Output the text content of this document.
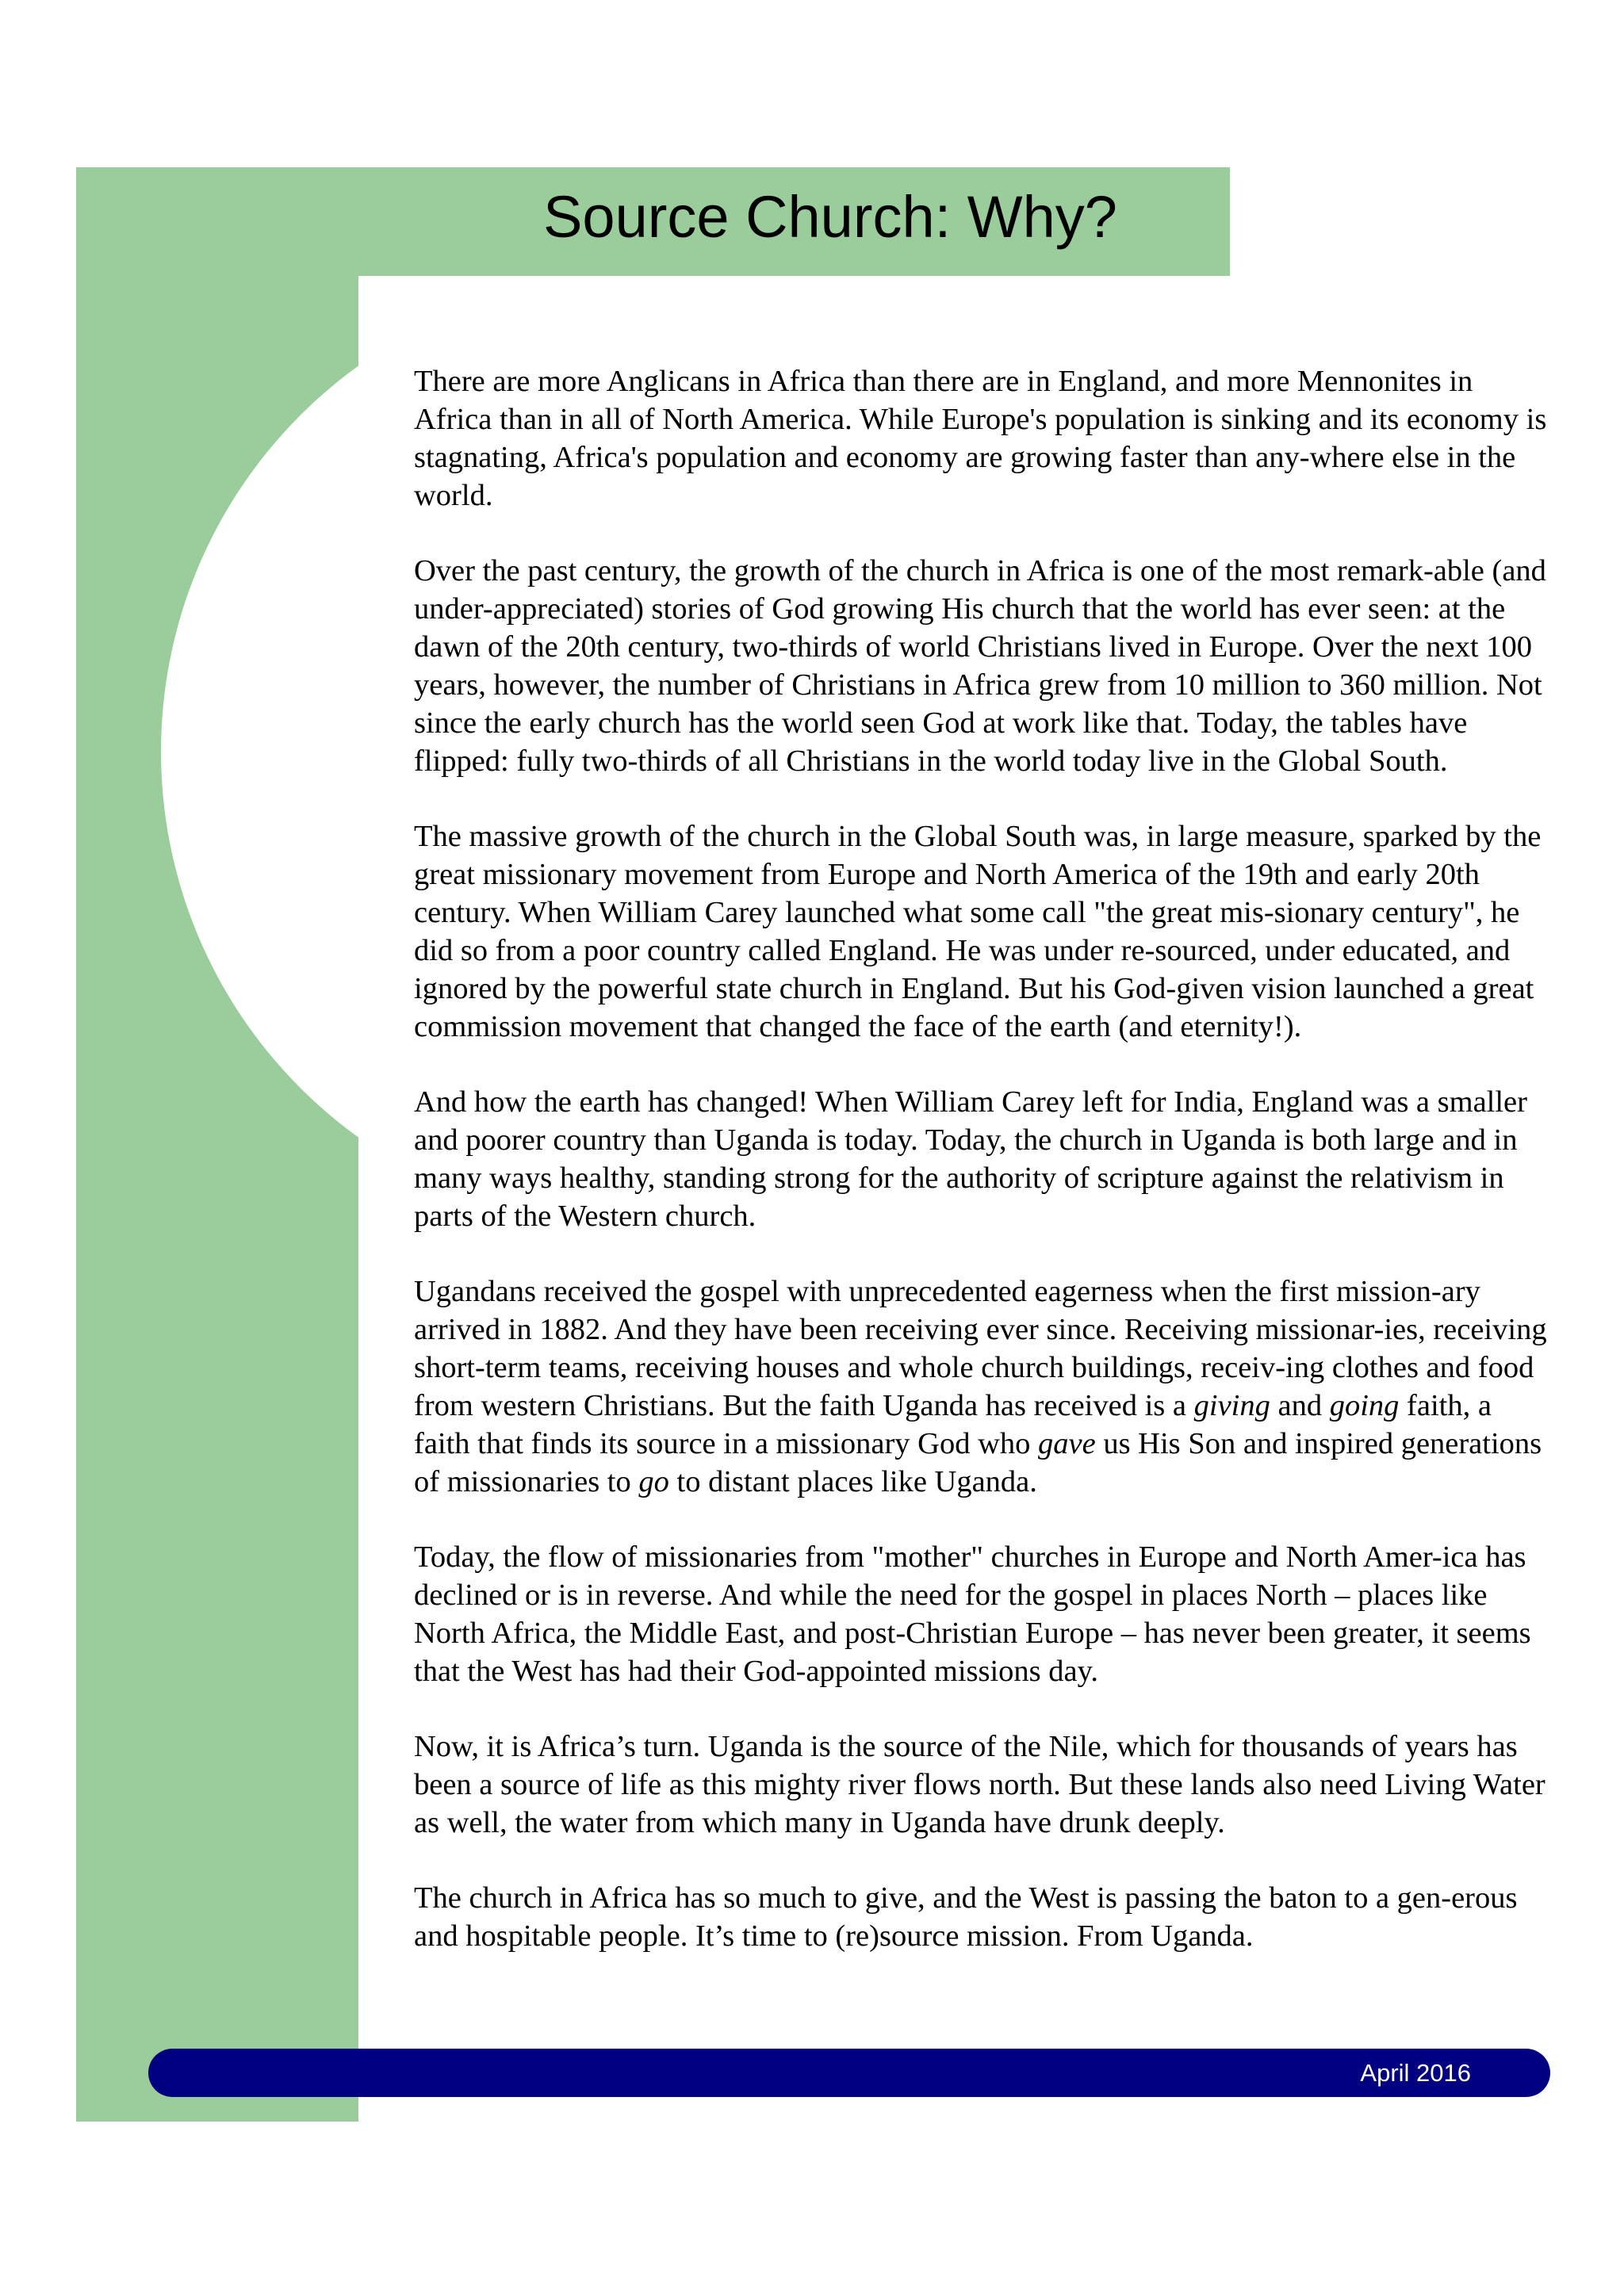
Source Church: Why?

There are more Anglicans in Africa than there are in England, and more Mennonites in Africa than in all of North America. While Europe's population is sinking and its economy is stagnating, Africa's population and economy are growing faster than any-where else in the world.

Over the past century, the growth of the church in Africa is one of the most remark-able (and under-appreciated) stories of God growing His church that the world has ever seen: at the dawn of the 20th century, two-thirds of world Christians lived in Europe. Over the next 100 years, however, the number of Christians in Africa grew from 10 million to 360 million. Not since the early church has the world seen God at work like that. Today, the tables have flipped: fully two-thirds of all Christians in the world today live in the Global South.

The massive growth of the church in the Global South was, in large measure, sparked by the great missionary movement from Europe and North America of the 19th and early 20th century. When William Carey launched what some call "the great mis-sionary century", he did so from a poor country called England. He was under re-sourced, under educated, and ignored by the powerful state church in England. But his God-given vision launched a great commission movement that changed the face of the earth (and eternity!).

And how the earth has changed! When William Carey left for India, England was a smaller and poorer country than Uganda is today. Today, the church in Uganda is both large and in many ways healthy, standing strong for the authority of scripture against the relativism in parts of the Western church.

Ugandans received the gospel with unprecedented eagerness when the first mission-ary arrived in 1882. And they have been receiving ever since. Receiving missionar-ies, receiving short-term teams, receiving houses and whole church buildings, receiv-ing clothes and food from western Christians. But the faith Uganda has received is a giving and going faith, a faith that finds its source in a missionary God who gave us His Son and inspired generations of missionaries to go to distant places like Uganda.

Today, the flow of missionaries from "mother" churches in Europe and North Amer-ica has declined or is in reverse. And while the need for the gospel in places North – places like North Africa, the Middle East, and post-Christian Europe – has never been greater, it seems that the West has had their God-appointed missions day.

Now, it is Africa’s turn. Uganda is the source of the Nile, which for thousands of years has been a source of life as this mighty river flows north. But these lands also need Living Water as well, the water from which many in Uganda have drunk deeply.

The church in Africa has so much to give, and the West is passing the baton to a gen-erous and hospitable people. It’s time to (re)source mission. From Uganda.

April 2016
